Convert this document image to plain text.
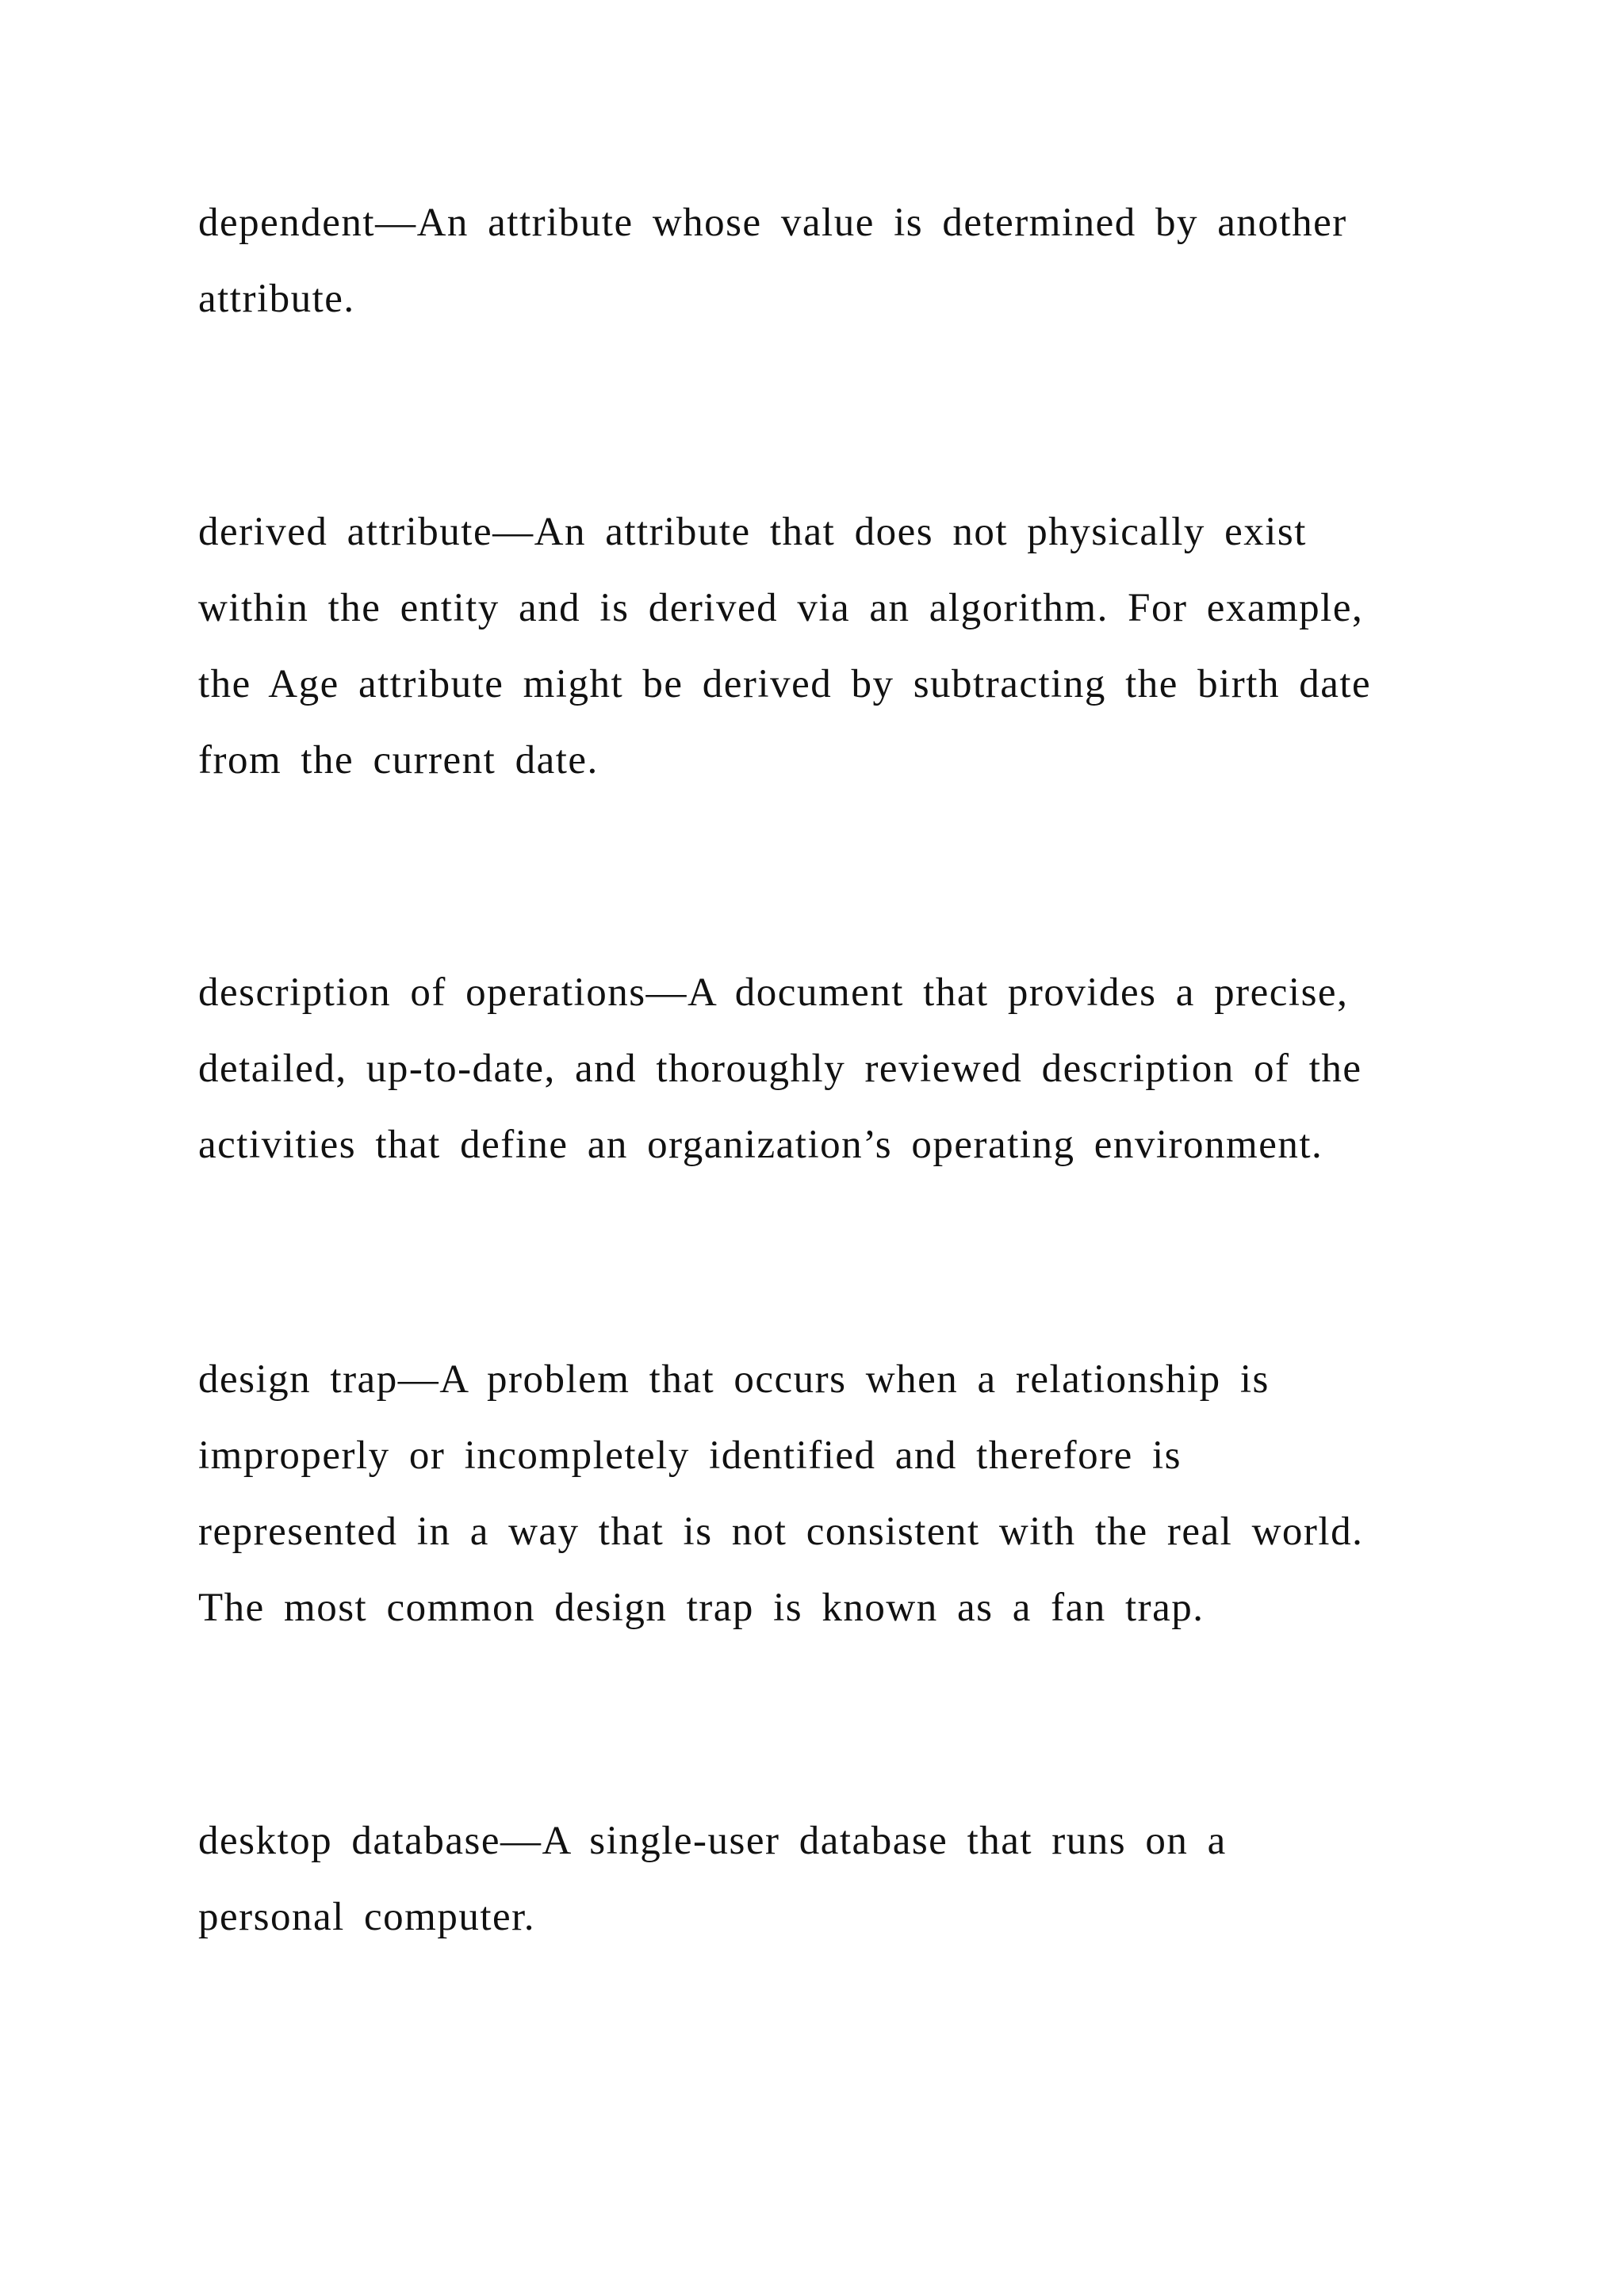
dependent—An attribute whose value is determined by another
attribute.

derived attribute—An attribute that does not physically exist
within the entity and is derived via an algorithm. For example,
the Age attribute might be derived by subtracting the birth date
from the current date.

description of operations—A document that provides a precise,
detailed, up-to-date, and thoroughly reviewed description of the
activities that define an organization’s operating environment.

design trap—A problem that occurs when a relationship is
improperly or incompletely identified and therefore is
represented in a way that is not consistent with the real world.
The most common design trap is known as a fan trap.

desktop database—A single-user database that runs on a
personal computer.
